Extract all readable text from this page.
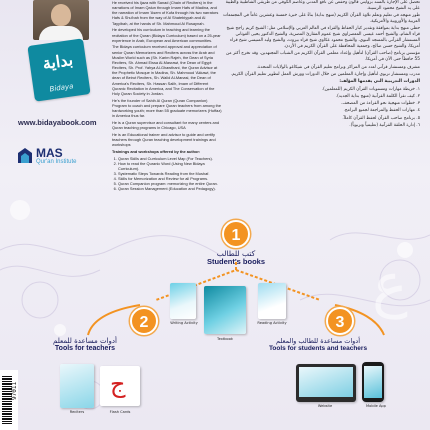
ع
بداية
Bidaya
www.bidayabook.com
MAS
Qur'an Institute

He received his Ijaza with Sanad (Chain of Reciters) in the narrations of Imam Qalun through Imam Hafs of Madina, and the narration of Imam 'Asem of Kufa through his two narrators Hafs & Shu'bah from the way of Al Shatebiyyah and Al Tayyibah, at the hands of Sh. Mahmoud Al Rusaynah.

He developed his curriculum in teaching and learning the recitation of the Quran (Bidaya Curriculum) based on a 25-year experience in Arab, European and American communities.

The Bidaya curriculum received approval and appreciation of senior Quran Memorizers and Reciters across the Arab and Muslim World such as (Sh. Karim Rajeh, the Dean of Syria Reciters, Sh. Ahmad Eissa Al-Masrawi, the Dean of Egypt Reciters, Sh. Prof. Yahya Al-Ghawthani, the Quran Advisor at the Prophetic Mosque in Madina, Sh. Mahmoud 'Akkawi, the dean of Beirut Reciters, Sh. Walid Al-Manasi, the Dean of America's Reciters, Sh. Hassan Salih, Imam of Different Quranic Recitation in America, and The Conservation of the Holy Quran Society in Jordan.

He's the founder of Sahih Al Quran (Quran Companion) Program to coach and prepare Quran teachers from among the hardworking youth; more than 55 graduate memorizers (Huffaz) in America thus far.

He is a Quran supervisor and consultant for many centers and Quran teaching programs in Chicago, USA

He is an Educational trainer and advisor to guide and certify teachers through Quran teaching development trainings and workshops

Trainings and workshops offered by the author:

1. Quran Skills and Curriculum Level Map (For Teachers).
2. How to read the Quranic Word (Using New Bidaya Curriculum).
3. Systematic Steps Towards Reading from the Mushaf.
4. Skills for Memorization and Review for all Programs.
5. Quran Companion program: memorizing the entire Quran.
6. Quran Session Management (Education and Pedagogy).

تحصل على الإجازة بالسند بروايتي قالون وحفص عن نافع المدني وعاصم الكوفي من طريقي الشاطبية والطيبة على يد الشيخ محمود الرسينة.

طور منهجه في تعليم وتعلم تلاوة القرآن الكريم (منهج بداية) بناءً على خبرة خمسة وعشرين عاماً في المجتمعات العربية والأوروبية والأمريكية.

حظي منهج بداية بموافقة وتقدير كبار الحفاظ والقراء في العالم العربي والإسلامي مثل: الشيخ كريم راجح شيخ قراء الشام، والشيخ أحمد عيسى المعصراوي شيخ عموم المقارئ المصرية، والشيخ الدكتور يحيى الغوثاني المستشار القرآني بالمسجد النبوي، والشيخ محمود عكاوي شيخ قراء بيروت، والشيخ وليد المنيسي شيخ قراء أمريكا، والشيخ حسن صالح، وجمعية المحافظة على القرآن الكريم في الأردن.

مؤسس برنامج (صاحب القرآن) لتأهيل وإعداد معلمي القرآن الكريم من الشباب المجتهدين، وقد تخرج أكثر من 55 حافظاً حتى الآن في أمريكا.

مشرف ومستشار قرآني لعدد من المراكز وبرامج تعليم القرآن في شيكاغو بالولايات المتحدة.

مدرب ومستشار تربوي لتأهيل وإجازة المعلمين من خلال الدورات وورش العمل لتطوير تعليم القرآن الكريم.

الدورات التدريبية التي يقدمها المؤلف:

١. خريطة مهارات ومستويات القرآن الكريم (للمعلمين).

٢. كيف تقرأ الكلمة القرآنية (منهج بداية الجديد).

٣. خطوات منهجية نحو القراءة من المصحف.

٤. مهارات الحفظ والمراجعة لجميع البرامج.

٥. برنامج صاحب القرآن لحفظ القرآن كاملاً.

٦. إدارة الحلقة القرآنية (تعليمياً وتربوياً).

1
كتب للطالب
Student's books
Writing Activity	Reading Activity
Textbook
2
أدوات مساعدة للمعلم
Tools for teachers
Reciters
ج
Flash Cards
3
أدوات مساعدة للطالب والمعلم
Tools for students and teachers
Website	Mobile App
97011
